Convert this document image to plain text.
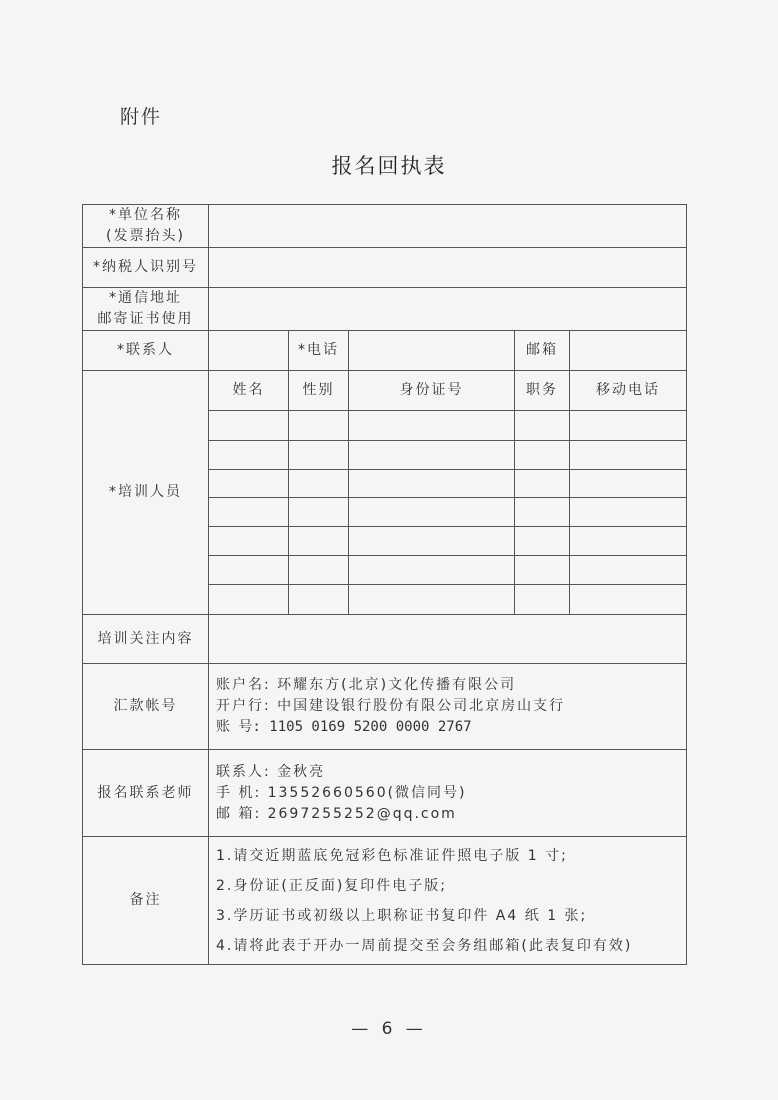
附件
报名回执表
*单位名称
(发票抬头)					

*纳税人识别号					

*通信地址
邮寄证书使用					

*联系人		*电话		邮箱	
*培训人员	姓名	性别	身份证号	职务	移动电话

培训关注内容					
汇款帐号	账户名: 环耀东方(北京)文化传播有限公司
开户行: 中国建设银行股份有限公司北京房山支行
账 号: 1105 0169 5200 0000 2767				

报名联系老师	联系人: 金秋亮
手 机: 13552660560(微信同号)
邮 箱: 2697255252@qq.com				

备注	1.请交近期蓝底免冠彩色标准证件照电子版 1 寸;
2.身份证(正反面)复印件电子版;
3.学历证书或初级以上职称证书复印件 A4 纸 1 张;
4.请将此表于开办一周前提交至会务组邮箱(此表复印有效)				
— 6 —
